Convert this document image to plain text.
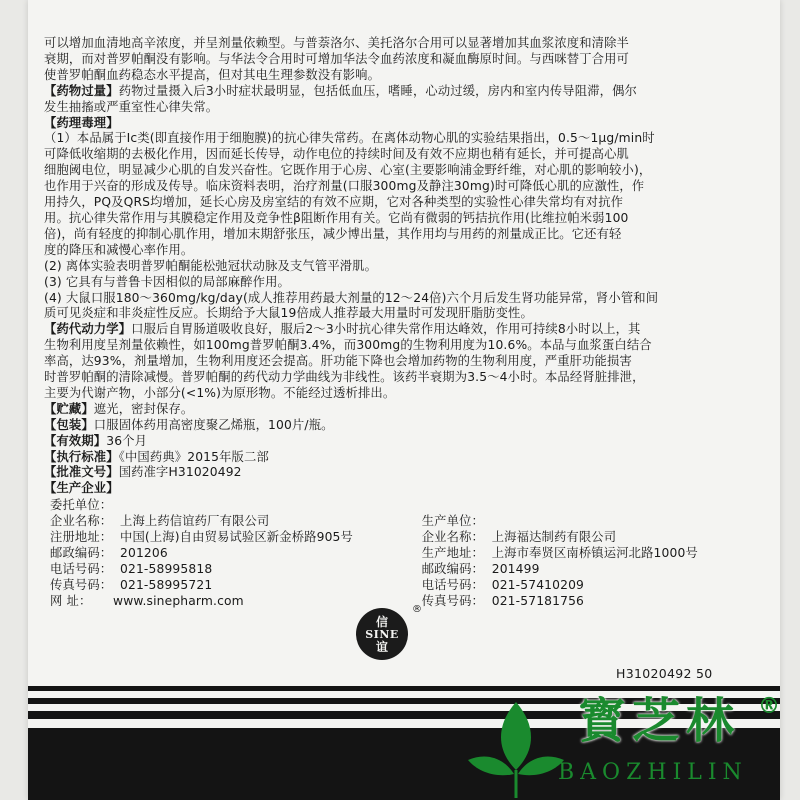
可以增加血清地高辛浓度，并呈剂量依赖型。与普萘洛尔、美托洛尔合用可以显著增加其血浆浓度和清除半

衰期，而对普罗帕酮没有影响。与华法令合用时可增加华法令血药浓度和凝血酶原时间。与西咪替丁合用可

使普罗帕酮血药稳态水平提高，但对其电生理参数没有影响。

【药物过量】药物过量摄入后3小时症状最明显，包括低血压，嗜睡，心动过缓，房内和室内传导阻滞，偶尔

发生抽搐或严重室性心律失常。

【药理毒理】

（1）本品属于Ic类(即直接作用于细胞膜)的抗心律失常药。在离体动物心肌的实验结果指出，0.5～1μg/min时

可降低收缩期的去极化作用，因而延长传导，动作电位的持续时间及有效不应期也稍有延长，并可提高心肌

细胞阈电位，明显减少心肌的自发兴奋性。它既作用于心房、心室(主要影响浦金野纤维，对心肌的影响较小)，

也作用于兴奋的形成及传导。临床资料表明，治疗剂量(口服300mg及静注30mg)时可降低心肌的应激性，作

用持久，PQ及QRS均增加，延长心房及房室结的有效不应期，它对各种类型的实验性心律失常均有对抗作

用。抗心律失常作用与其膜稳定作用及竞争性β阻断作用有关。它尚有微弱的钙拮抗作用(比维拉帕米弱100

倍)，尚有轻度的抑制心肌作用，增加末期舒张压，减少博出量，其作用均与用药的剂量成正比。它还有轻

度的降压和减慢心率作用。

(2) 离体实验表明普罗帕酮能松弛冠状动脉及支气管平滑肌。

(3) 它具有与普鲁卡因相似的局部麻醉作用。

(4) 大鼠口服180～360mg/kg/day(成人推荐用药最大剂量的12～24倍)六个月后发生肾功能异常，肾小管和间

质可见炎症和非炎症性反应。长期给予大鼠19倍成人推荐最大用量时可发现肝脂肪变性。

【药代动力学】口服后自胃肠道吸收良好，服后2～3小时抗心律失常作用达峰效，作用可持续8小时以上，其

生物利用度呈剂量依赖性，如100mg普罗帕酮3.4%，而300mg的生物利用度为10.6%。本品与血浆蛋白结合

率高，达93%，剂量增加，生物利用度还会提高。肝功能下降也会增加药物的生物利用度，严重肝功能损害

时普罗帕酮的清除减慢。普罗帕酮的药代动力学曲线为非线性。该药半衰期为3.5～4小时。本品经肾脏排泄，

主要为代谢产物，小部分(<1%)为原形物。不能经过透析排出。

【贮藏】遮光，密封保存。

【包装】口服固体药用高密度聚乙烯瓶，100片/瓶。

【有效期】36个月

【执行标准】《中国药典》2015年版二部

【批准文号】国药准字H31020492

【生产企业】

委托单位：

企业名称： 上海上药信谊药厂有限公司
注册地址： 中国(上海)自由贸易试验区新金桥路905号
邮政编码： 201206
电话号码： 021-58995818
传真号码： 021-58995721
网 址：	www.sinepharm.com

生产单位：

企业名称： 上海福达制药有限公司
生产地址： 上海市奉贤区南桥镇运河北路1000号
邮政编码： 201499
电话号码： 021-57410209
传真号码： 021-57181756
信
SINE
谊
®
H31020492 50
寳芝林 ®
BAOZHILIN
